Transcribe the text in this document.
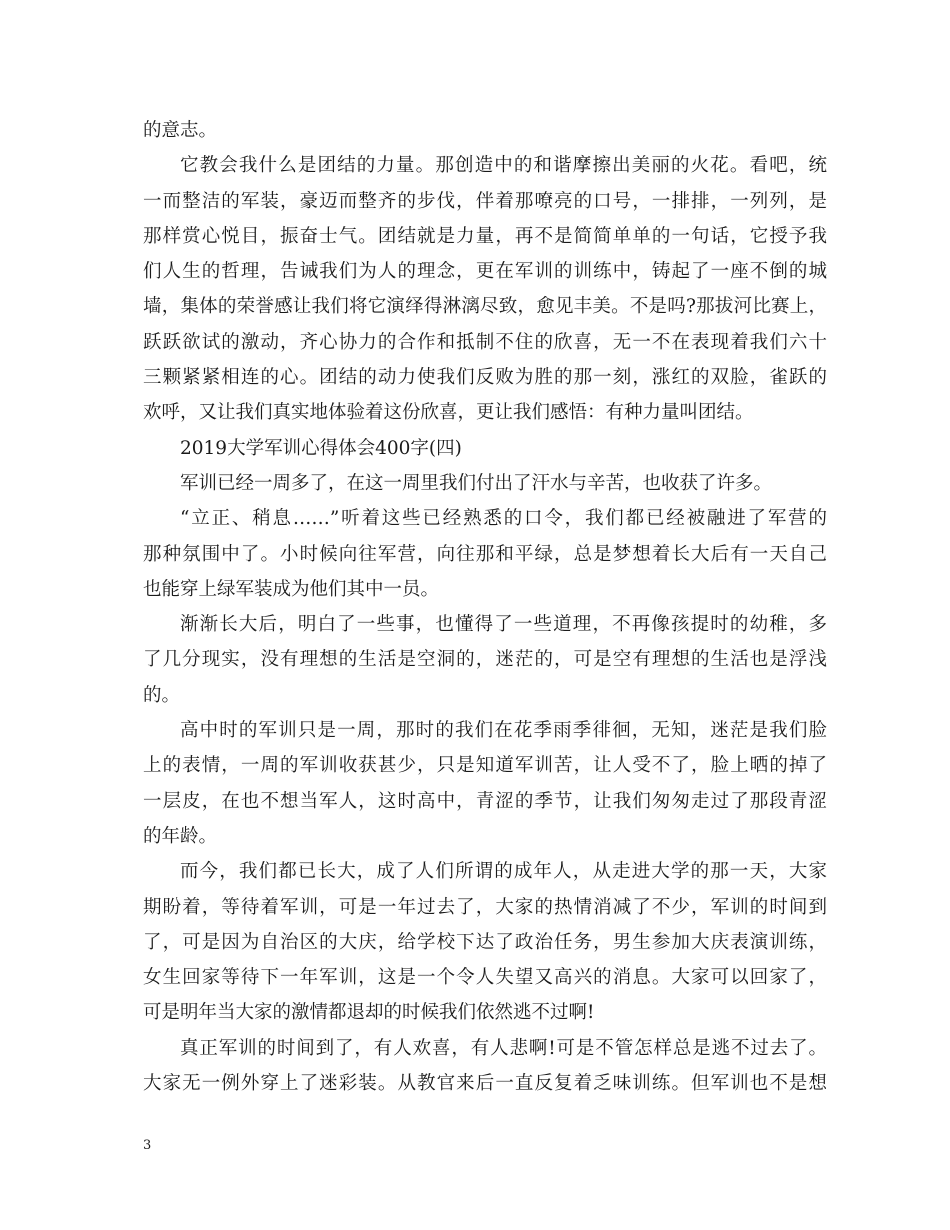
的意志。
它教会我什么是团结的力量。那创造中的和谐摩擦出美丽的火花。看吧，统
一而整洁的军装，豪迈而整齐的步伐，伴着那嘹亮的口号，一排排，一列列，是
那样赏心悦目，振奋士气。团结就是力量，再不是简简单单的一句话，它授予我
们人生的哲理，告诫我们为人的理念，更在军训的训练中，铸起了一座不倒的城
墙，集体的荣誉感让我们将它演绎得淋漓尽致，愈见丰美。不是吗?那拔河比赛上，
跃跃欲试的激动，齐心协力的合作和抵制不住的欣喜，无一不在表现着我们六十
三颗紧紧相连的心。团结的动力使我们反败为胜的那一刻，涨红的双脸，雀跃的
欢呼，又让我们真实地体验着这份欣喜，更让我们感悟：有种力量叫团结。
2019大学军训心得体会400字(四)
军训已经一周多了，在这一周里我们付出了汗水与辛苦，也收获了许多。
“立正、稍息……”听着这些已经熟悉的口令，我们都已经被融进了军营的
那种氛围中了。小时候向往军营，向往那和平绿，总是梦想着长大后有一天自己
也能穿上绿军装成为他们其中一员。
渐渐长大后，明白了一些事，也懂得了一些道理，不再像孩提时的幼稚，多
了几分现实，没有理想的生活是空洞的，迷茫的，可是空有理想的生活也是浮浅
的。
高中时的军训只是一周，那时的我们在花季雨季徘徊，无知，迷茫是我们脸
上的表情，一周的军训收获甚少，只是知道军训苦，让人受不了，脸上晒的掉了
一层皮，在也不想当军人，这时高中，青涩的季节，让我们匆匆走过了那段青涩
的年龄。
而今，我们都已长大，成了人们所谓的成年人，从走进大学的那一天，大家
期盼着，等待着军训，可是一年过去了，大家的热情消减了不少，军训的时间到
了，可是因为自治区的大庆，给学校下达了政治任务，男生参加大庆表演训练，
女生回家等待下一年军训，这是一个令人失望又高兴的消息。大家可以回家了，
可是明年当大家的激情都退却的时候我们依然逃不过啊!
真正军训的时间到了，有人欢喜，有人悲啊!可是不管怎样总是逃不过去了。
大家无一例外穿上了迷彩装。从教官来后一直反复着乏味训练。但军训也不是想
3
